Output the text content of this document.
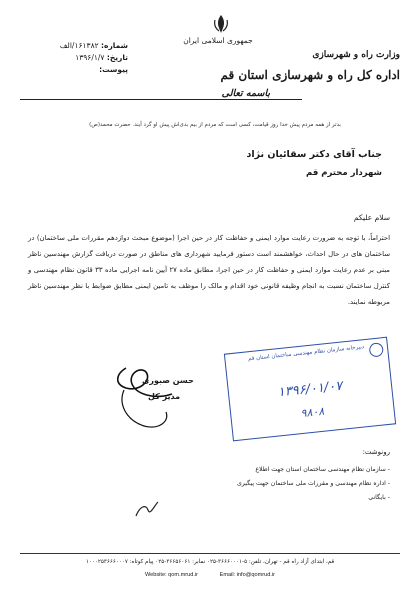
جمهوری اسلامی ایران
وزارت راه و شهرسازی
اداره کل راه و شهرسازی استان قم
باسمه تعالی
شماره: ۱۶۱۳۸۲/الف
تاریخ: ۱۳۹۶/۱/۷
پیوست:
بدتر از همه مردم پیش خدا روز قیامت، کسی است که مردم از بیم بدی‌اش پیش او گرد آیند. حضرت محمد(ص)
جناب آقای دکتر سقائیان نژاد
شهردار محترم قم
سلام علیکم
احتراماً، با توجه به ضرورت رعایت موارد ایمنی و حفاظت کار در حین اجرا (موضوع مبحث دوازدهم مقررات ملی ساختمان) در ساختمان های در حال احداث، خواهشمند است دستور فرمایید شهرداری های مناطق در صورت دریافت گزارش مهندسین ناظر مبنی بر عدم رعایت موارد ایمنی و حفاظت کار در حین اجرا، مطابق ماده ۲۷ آیین نامه اجرایی ماده ۳۳ قانون نظام مهندسی و کنترل ساختمان نسبت به انجام وظیفه قانونی خود اقدام و مالک را موظف به تامین ایمنی مطابق ضوابط با نظر مهندسین ناظر مربوطه نمایند.
دبیرخانه سازمان نظام مهندسی ساختمان استان قم
۱۳۹۶/۰۱/۰۷
۹۸۰۸
حسن صبوری
مدیر کل
رونوشت:
- سازمان نظام مهندسی ساختمان استان جهت اطلاع
- اداره نظام مهندسی و مقررات ملی ساختمان جهت پیگیری
- بایگانی
قم، ابتدای آزاد راه قم - تهران، تلفن: ۵-۳۶۶۶۰۰۰۱-۰۲۵ نمابر: ۳۶۶۵۶۰۶۱-۰۲۵ پیام کوتاه: ۱۰۰۰۲۵۳۶۶۶۰۰۰۷
Website: qom.mrud.ir	Email: info@qomrud.ir
